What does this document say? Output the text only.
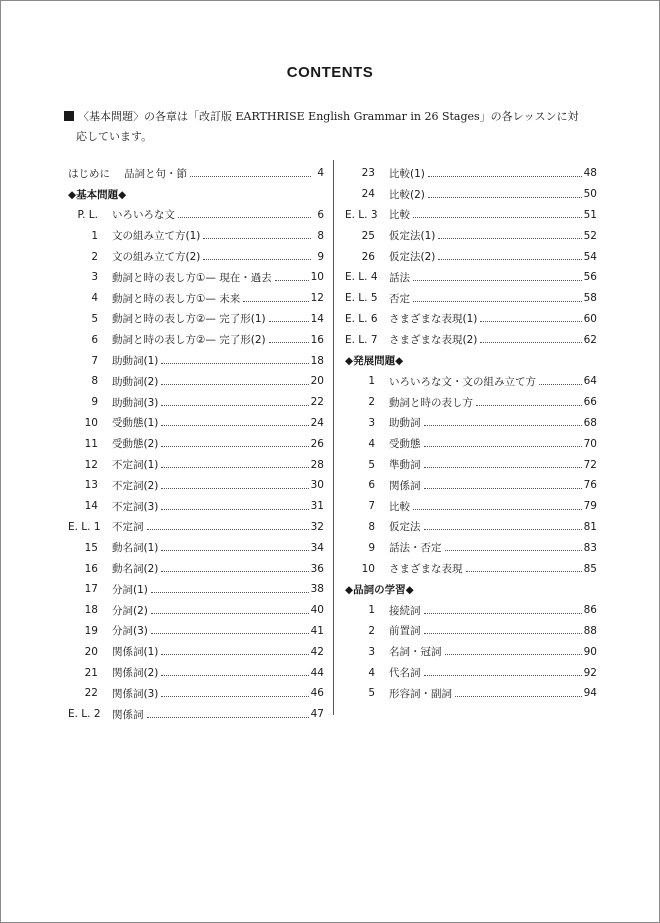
CONTENTS
〈基本問題〉の各章は「改訂版 EARTHRISE English Grammar in 26 Stages」の各レッスンに対
応しています。
はじめに	品詞と句・節	4
◆基本問題◆
P. L.	いろいろな文	6
1	文の組み立て方(1)	8
2	文の組み立て方(2)	9
3	動詞と時の表し方①— 現在・過去	10
4	動詞と時の表し方①— 未来	12
5	動詞と時の表し方②— 完了形(1)	14
6	動詞と時の表し方②— 完了形(2)	16
7	助動詞(1)	18
8	助動詞(2)	20
9	助動詞(3)	22
10	受動態(1)	24
11	受動態(2)	26
12	不定詞(1)	28
13	不定詞(2)	30
14	不定詞(3)	31
E. L. 1	不定詞	32
15	動名詞(1)	34
16	動名詞(2)	36
17	分詞(1)	38
18	分詞(2)	40
19	分詞(3)	41
20	関係詞(1)	42
21	関係詞(2)	44
22	関係詞(3)	46
E. L. 2	関係詞	47
23	比較(1)	48
24	比較(2)	50
E. L. 3	比較	51
25	仮定法(1)	52
26	仮定法(2)	54
E. L. 4	話法	56
E. L. 5	否定	58
E. L. 6	さまざまな表現(1)	60
E. L. 7	さまざまな表現(2)	62
◆発展問題◆
1	いろいろな文・文の組み立て方	64
2	動詞と時の表し方	66
3	助動詞	68
4	受動態	70
5	準動詞	72
6	関係詞	76
7	比較	79
8	仮定法	81
9	話法・否定	83
10	さまざまな表現	85
◆品詞の学習◆
1	接続詞	86
2	前置詞	88
3	名詞・冠詞	90
4	代名詞	92
5	形容詞・副詞	94
